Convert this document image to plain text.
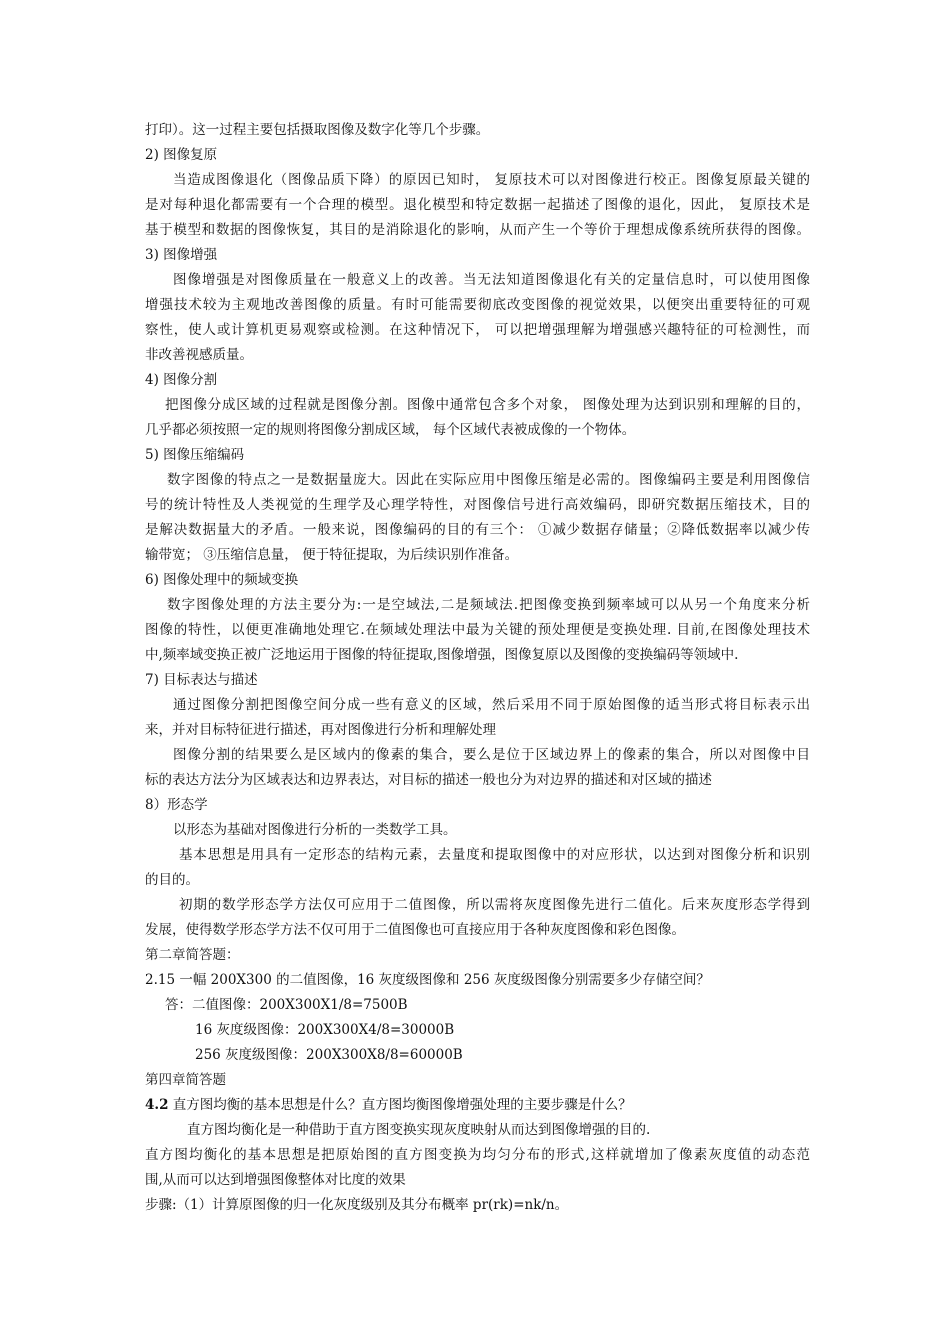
打印）。这一过程主要包括摄取图像及数字化等几个步骤。
2) 图像复原
当造成图像退化（图像品质下降）的原因已知时， 复原技术可以对图像进行校正。图像复原最关键的
是对每种退化都需要有一个合理的模型。退化模型和特定数据一起描述了图像的退化，因此， 复原技术是
基于模型和数据的图像恢复，其目的是消除退化的影响，从而产生一个等价于理想成像系统所获得的图像。
3) 图像增强
图像增强是对图像质量在一般意义上的改善。当无法知道图像退化有关的定量信息时，可以使用图像
增强技术较为主观地改善图像的质量。有时可能需要彻底改变图像的视觉效果，以便突出重要特征的可观
察性，使人或计算机更易观察或检测。在这种情况下， 可以把增强理解为增强感兴趣特征的可检测性，而
非改善视感质量。
4) 图像分割
把图像分成区域的过程就是图像分割。图像中通常包含多个对象， 图像处理为达到识别和理解的目的，
几乎都必须按照一定的规则将图像分割成区域， 每个区域代表被成像的一个物体。
5) 图像压缩编码
数字图像的特点之一是数据量庞大。因此在实际应用中图像压缩是必需的。图像编码主要是利用图像信
号的统计特性及人类视觉的生理学及心理学特性，对图像信号进行高效编码，即研究数据压缩技术，目的
是解决数据量大的矛盾。一般来说，图像编码的目的有三个： ①减少数据存储量；②降低数据率以减少传
输带宽； ③压缩信息量， 便于特征提取，为后续识别作准备。
6) 图像处理中的频域变换
数字图像处理的方法主要分为:一是空域法,二是频域法.把图像变换到频率域可以从另一个角度来分析
图像的特性，以便更准确地处理它.在频域处理法中最为关键的预处理便是变换处理. 目前,在图像处理技术
中,频率域变换正被广泛地运用于图像的特征提取,图像增强，图像复原以及图像的变换编码等领域中.
7) 目标表达与描述
通过图像分割把图像空间分成一些有意义的区域，然后采用不同于原始图像的适当形式将目标表示出
来，并对目标特征进行描述，再对图像进行分析和理解处理
图像分割的结果要么是区域内的像素的集合，要么是位于区域边界上的像素的集合，所以对图像中目
标的表达方法分为区域表达和边界表达，对目标的描述一般也分为对边界的描述和对区域的描述
8）形态学
以形态为基础对图像进行分析的一类数学工具。
基本思想是用具有一定形态的结构元素，去量度和提取图像中的对应形状，以达到对图像分析和识别
的目的。
初期的数学形态学方法仅可应用于二值图像，所以需将灰度图像先进行二值化。后来灰度形态学得到
发展，使得数学形态学方法不仅可用于二值图像也可直接应用于各种灰度图像和彩色图像。
第二章简答题：
2.15 一幅 200X300 的二值图像，16 灰度级图像和 256 灰度级图像分别需要多少存储空间？
答：二值图像：200X300X1/8=7500B
16 灰度级图像：200X300X4/8=30000B
256 灰度级图像：200X300X8/8=60000B
第四章简答题
4.2 直方图均衡的基本思想是什么？直方图均衡图像增强处理的主要步骤是什么？
直方图均衡化是一种借助于直方图变换实现灰度映射从而达到图像增强的目的.
直方图均衡化的基本思想是把原始图的直方图变换为均匀分布的形式,这样就增加了像素灰度值的动态范
围,从而可以达到增强图像整体对比度的效果
步骤:（1）计算原图像的归一化灰度级别及其分布概率 pr(rk)=nk/n。
